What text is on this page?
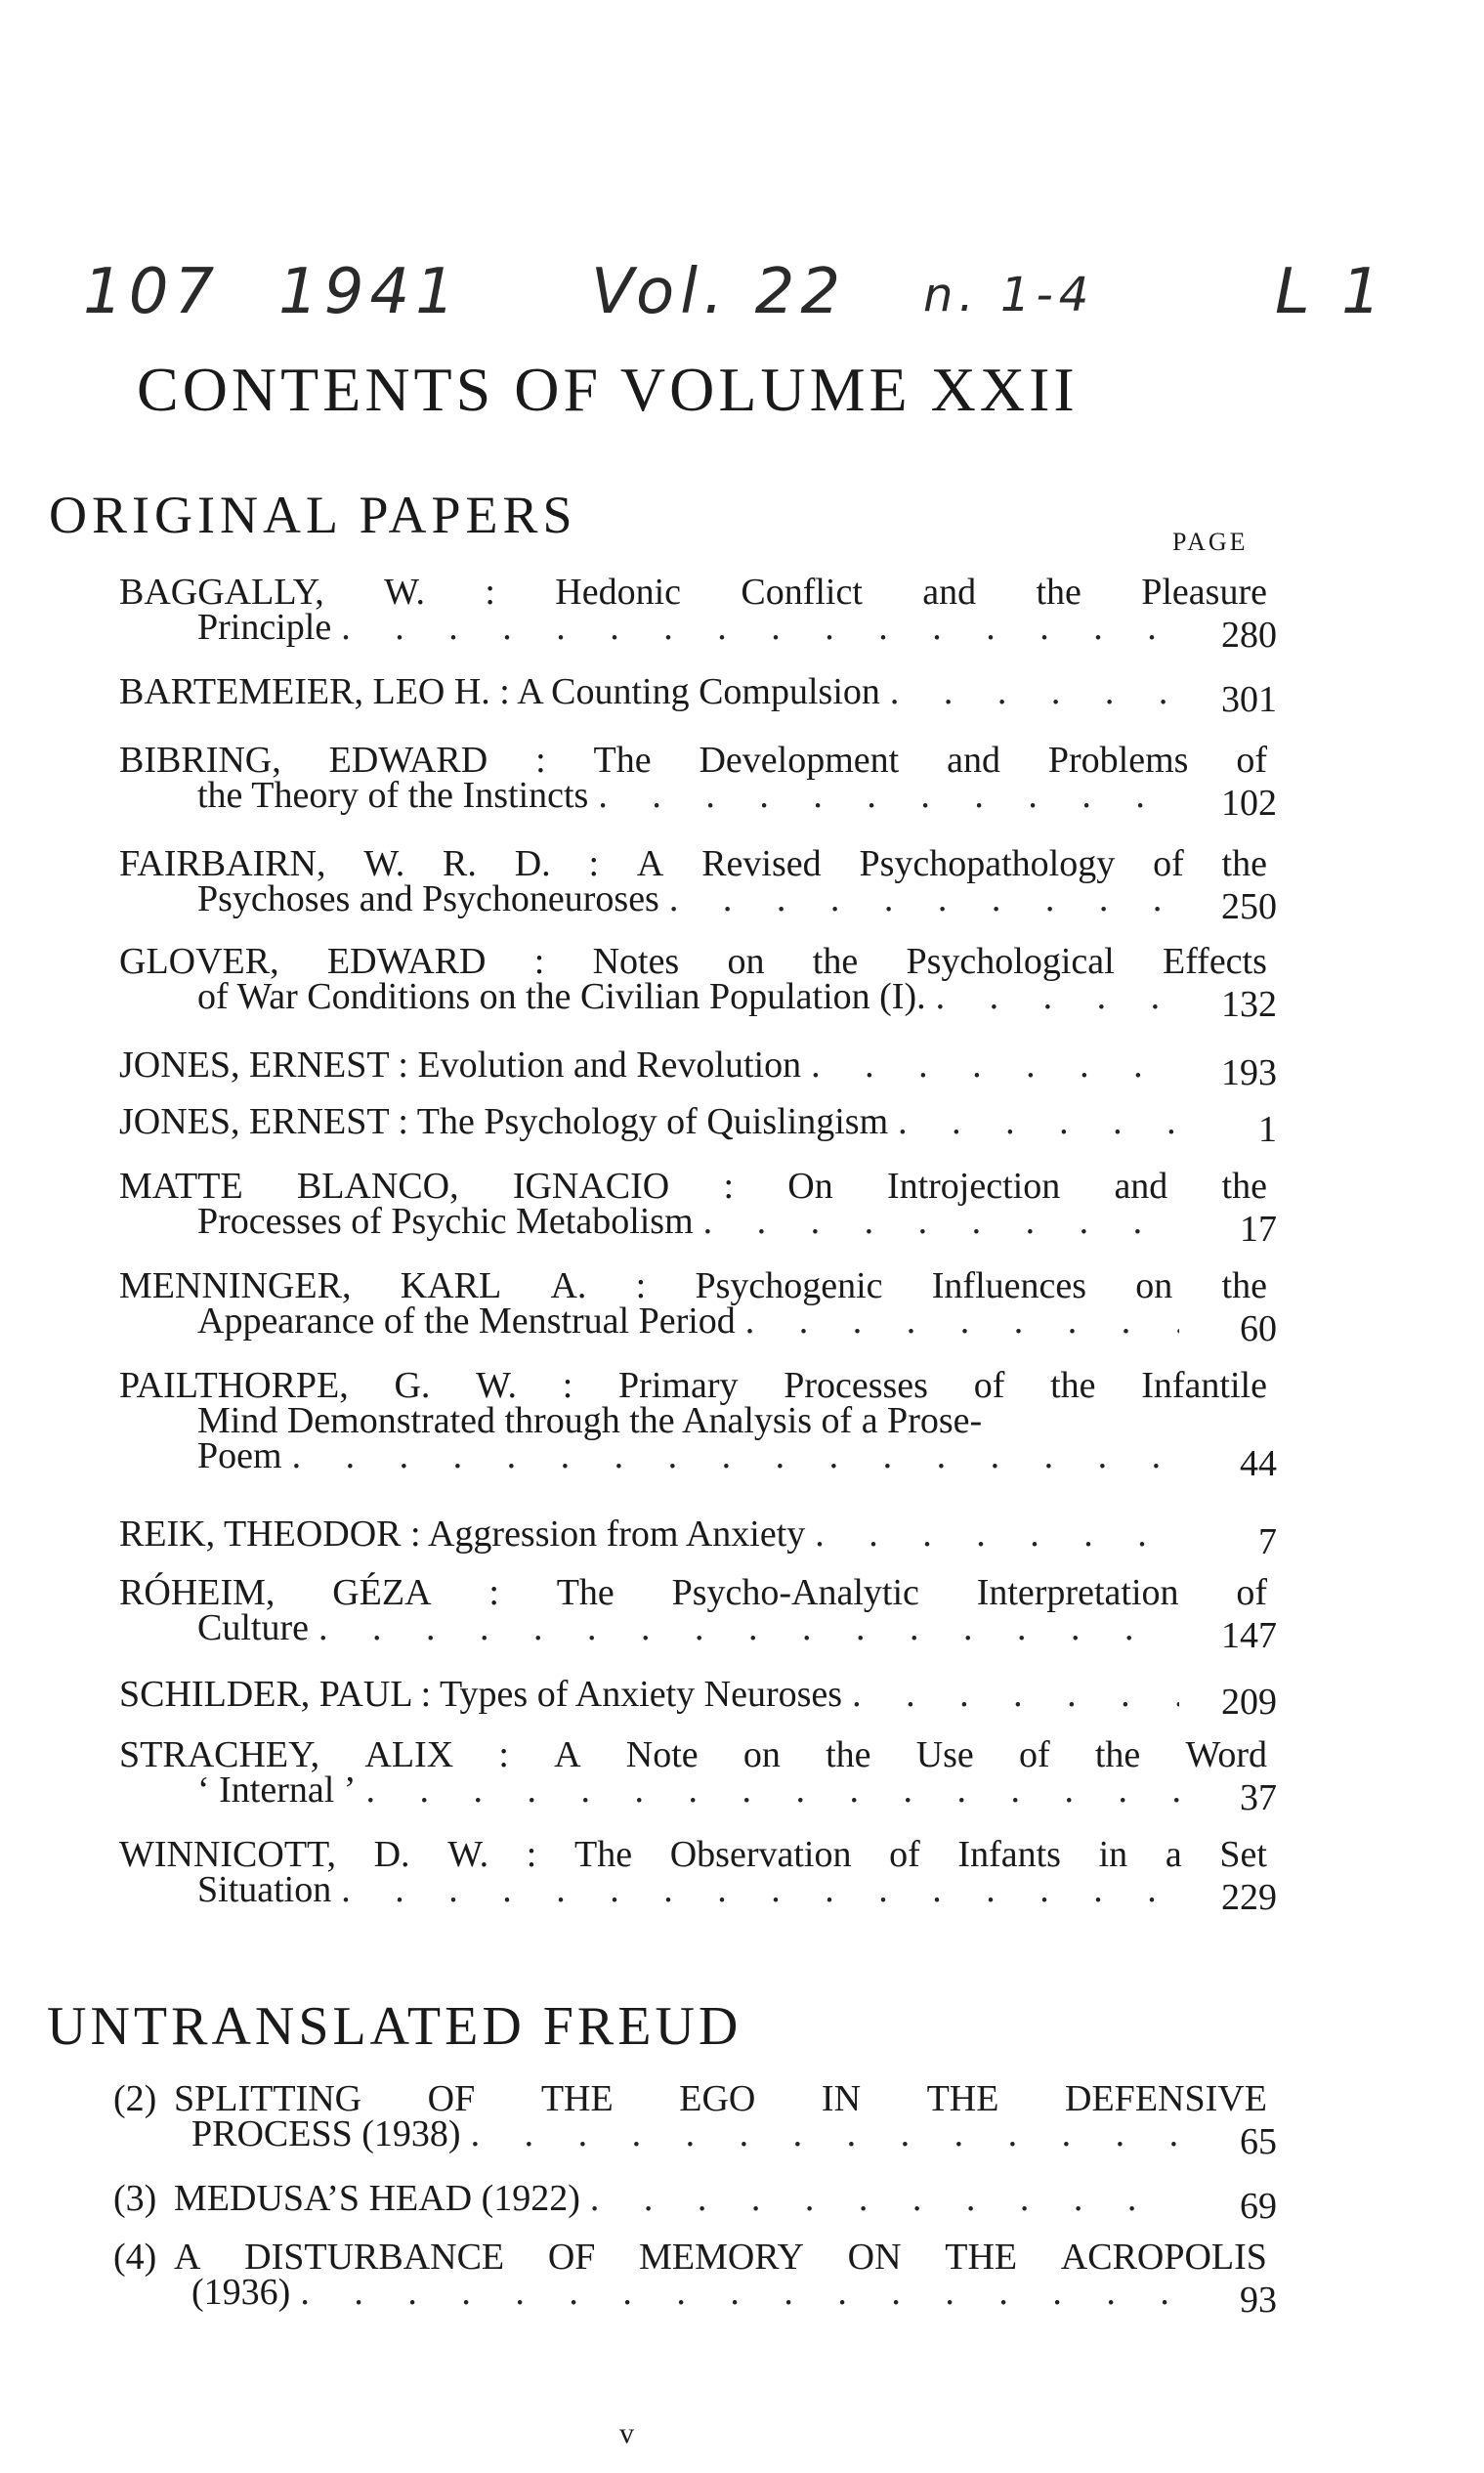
107 1941 Vol. 22 n. 1-4	L 1
CONTENTS OF VOLUME XXII
ORIGINAL PAPERS	PAGE
BAGGALLY, W. : Hedonic Conflict and the Pleasure
Principle . . .	280
BARTEMEIER, LEO H. : A Counting Compulsion . . .	301
BIBRING, EDWARD : The Development and Problems of
the Theory of the Instincts . . .	102
FAIRBAIRN, W. R. D. : A Revised Psychopathology of the
Psychoses and Psychoneuroses . . .	250
GLOVER, EDWARD : Notes on the Psychological Effects
of War Conditions on the Civilian Population (I). . . .	132
JONES, ERNEST : Evolution and Revolution . . .	193
JONES, ERNEST : The Psychology of Quislingism . . .	1
MATTE BLANCO, IGNACIO : On Introjection and the
Processes of Psychic Metabolism . . .	17
MENNINGER, KARL A. : Psychogenic Influences on the
Appearance of the Menstrual Period . . .	60
PAILTHORPE, G. W. : Primary Processes of the Infantile
Mind Demonstrated through the Analysis of a Prose-
Poem . . .	44
REIK, THEODOR : Aggression from Anxiety . . .	7
RÓHEIM, GÉZA : The Psycho-Analytic Interpretation of
Culture . . .	147
SCHILDER, PAUL : Types of Anxiety Neuroses . . .	209
STRACHEY, ALIX : A Note on the Use of the Word
‘ Internal ’ . . .	37
WINNICOTT, D. W. : The Observation of Infants in a Set
Situation . . .	229
UNTRANSLATED FREUD
(2) SPLITTING OF THE EGO IN THE DEFENSIVE
PROCESS (1938) . . .	65
(3) MEDUSA’S HEAD (1922) . . .	69
(4) A DISTURBANCE OF MEMORY ON THE ACROPOLIS
(1936) . . .	93
v
